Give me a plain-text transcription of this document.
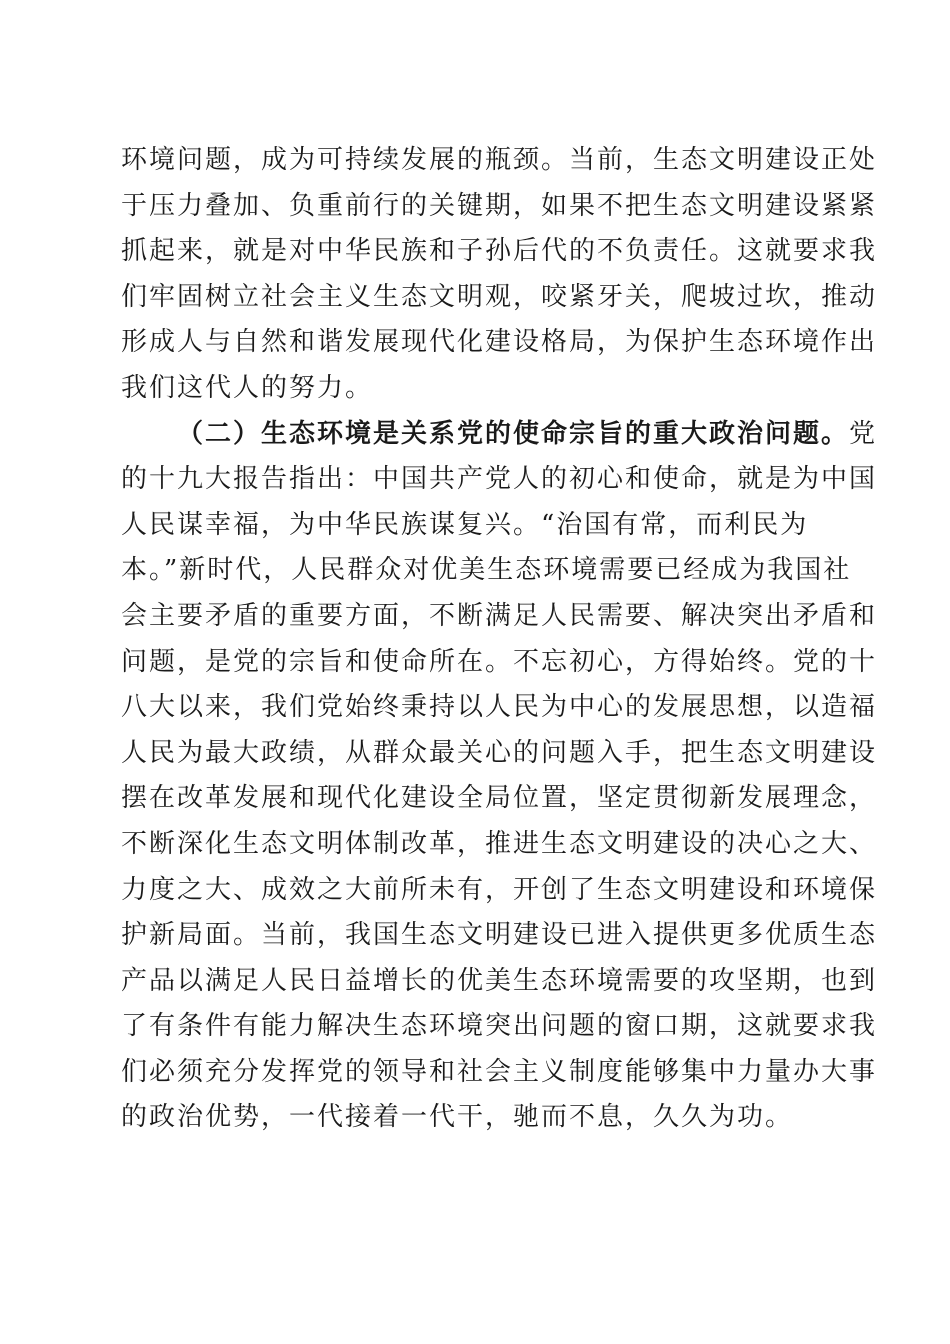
环境问题，成为可持续发展的瓶颈。当前，生态文明建设正处
于压力叠加、负重前行的关键期，如果不把生态文明建设紧紧
抓起来，就是对中华民族和子孙后代的不负责任。这就要求我
们牢固树立社会主义生态文明观，咬紧牙关，爬坡过坎，推动
形成人与自然和谐发展现代化建设格局，为保护生态环境作出
我们这代人的努力。
（二）生态环境是关系党的使命宗旨的重大政治问题。党
的十九大报告指出：中国共产党人的初心和使命，就是为中国
人民谋幸福，为中华民族谋复兴。“治国有常，而利民为
本。”新时代，人民群众对优美生态环境需要已经成为我国社
会主要矛盾的重要方面，不断满足人民需要、解决突出矛盾和
问题，是党的宗旨和使命所在。不忘初心，方得始终。党的十
八大以来，我们党始终秉持以人民为中心的发展思想，以造福
人民为最大政绩，从群众最关心的问题入手，把生态文明建设
摆在改革发展和现代化建设全局位置，坚定贯彻新发展理念，
不断深化生态文明体制改革，推进生态文明建设的决心之大、
力度之大、成效之大前所未有，开创了生态文明建设和环境保
护新局面。当前，我国生态文明建设已进入提供更多优质生态
产品以满足人民日益增长的优美生态环境需要的攻坚期，也到
了有条件有能力解决生态环境突出问题的窗口期，这就要求我
们必须充分发挥党的领导和社会主义制度能够集中力量办大事
的政治优势，一代接着一代干，驰而不息，久久为功。
